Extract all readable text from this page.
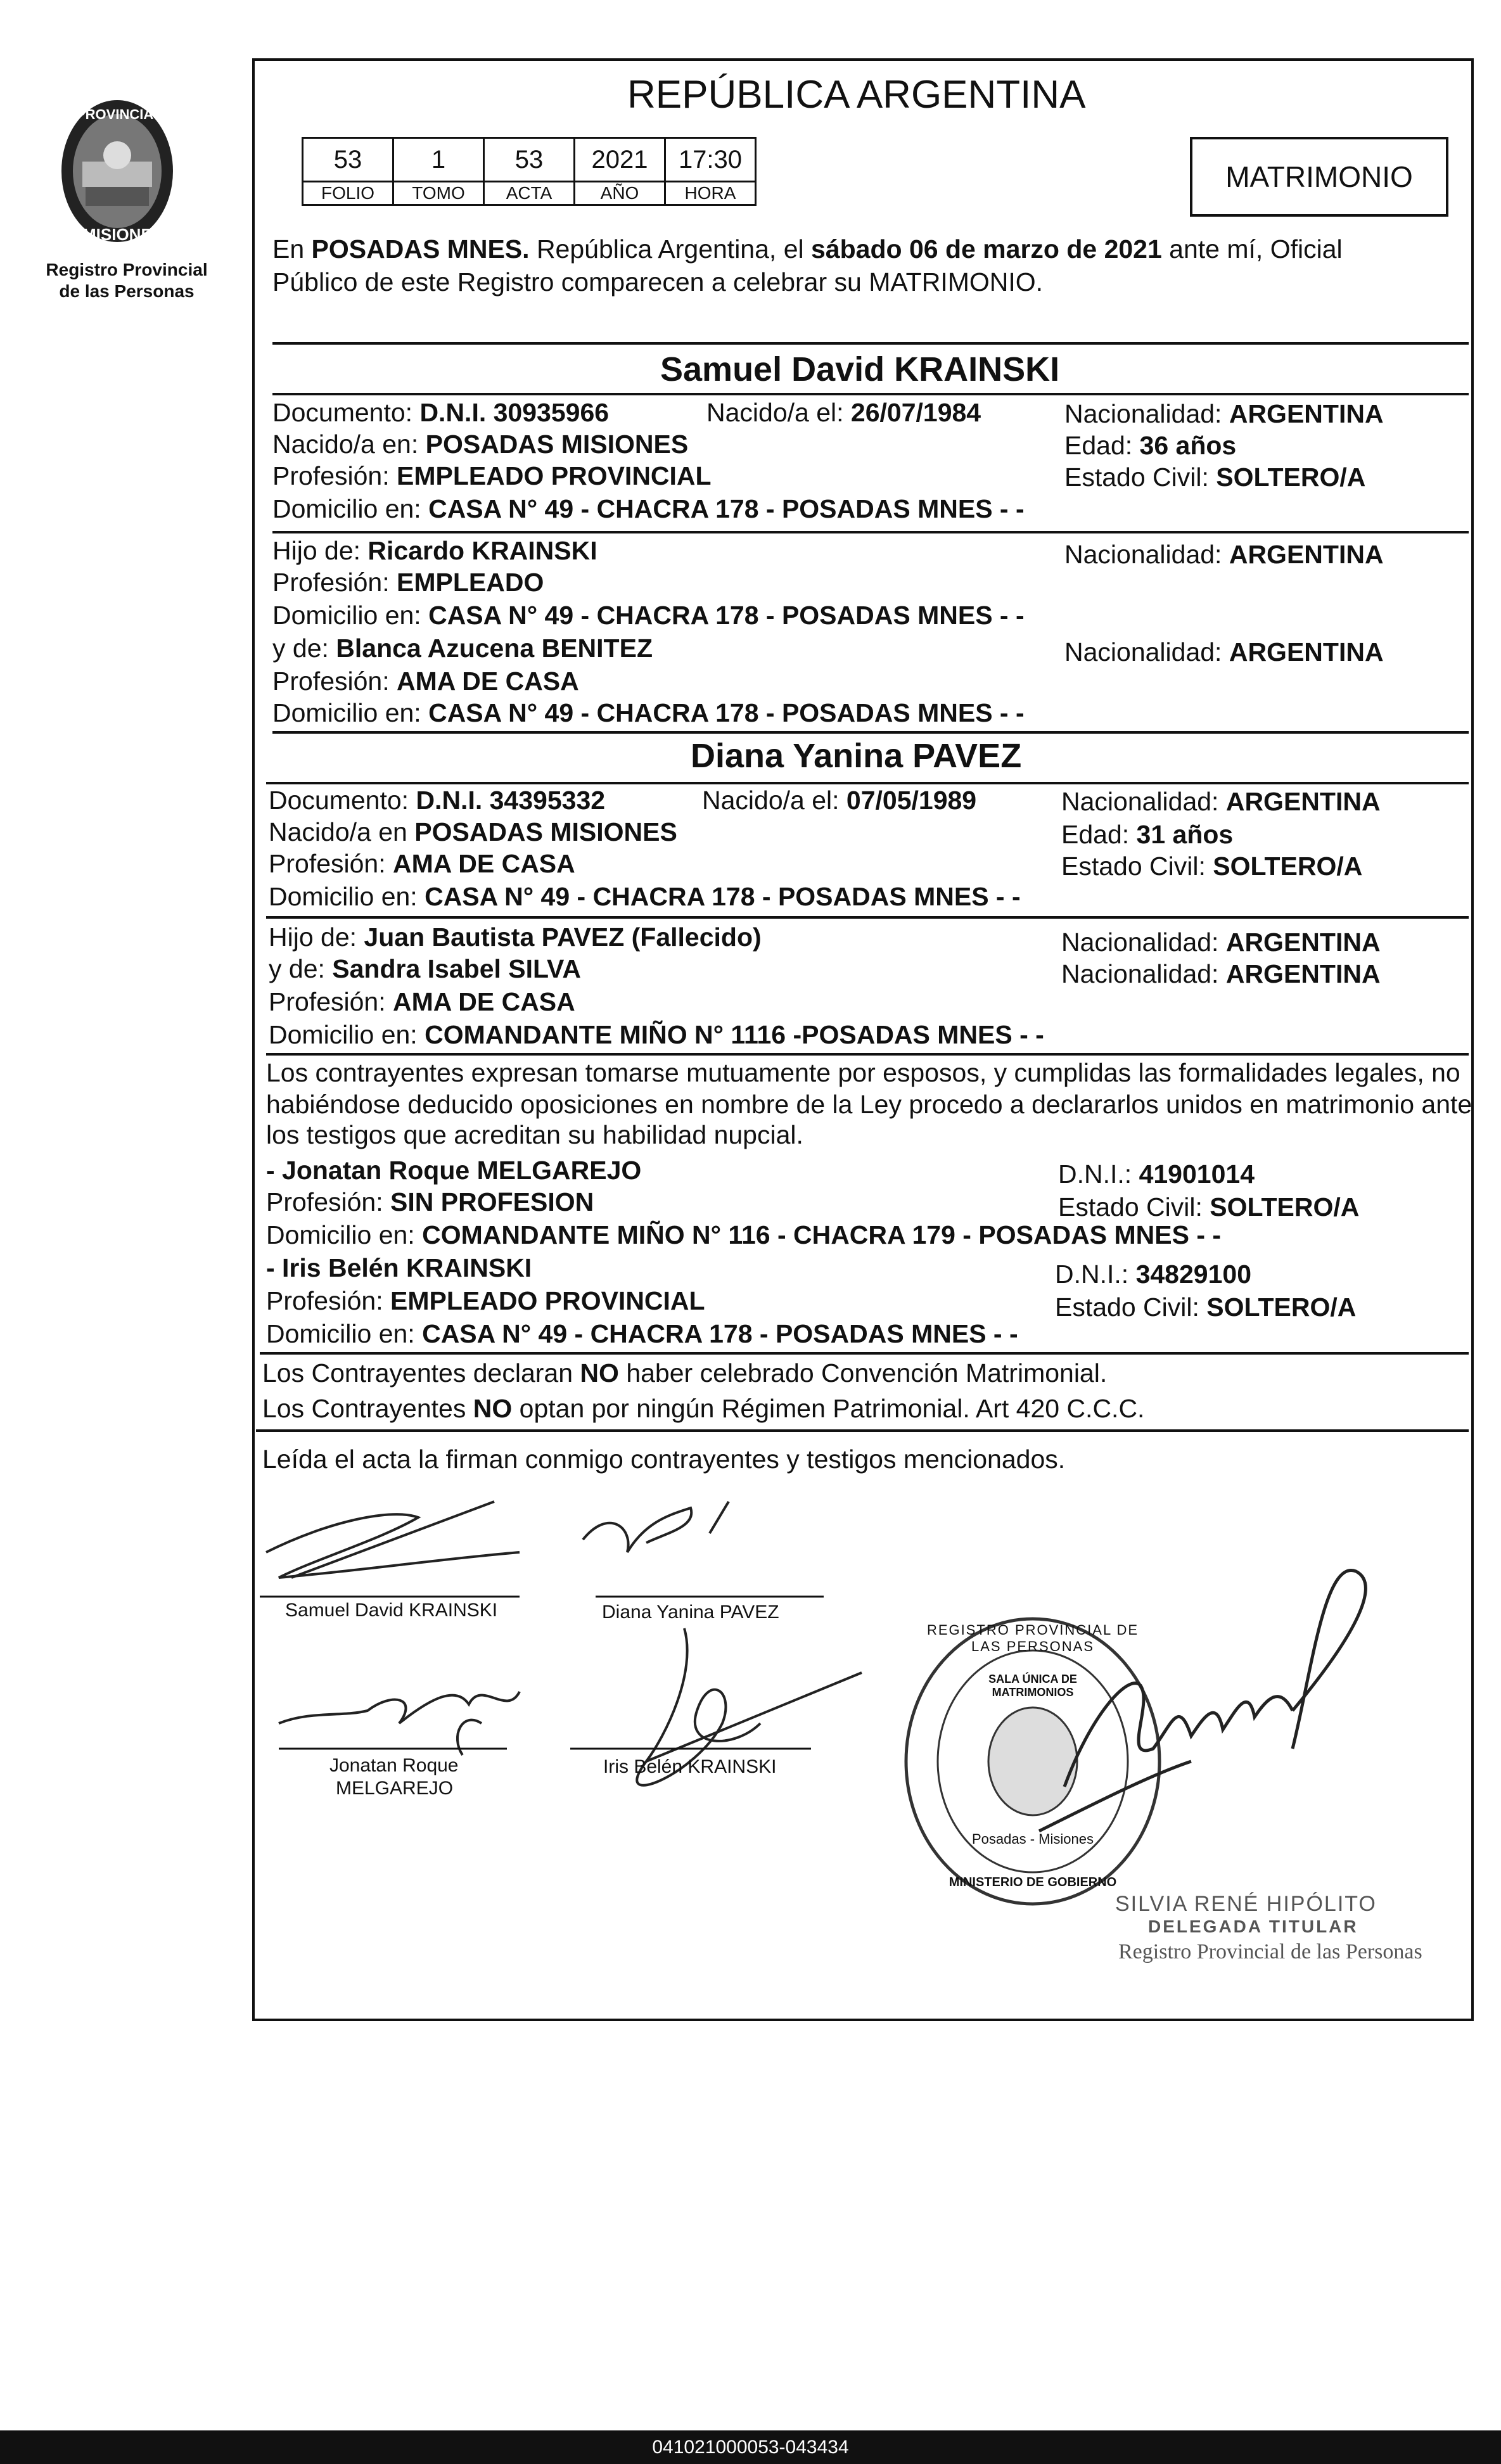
PROVINCIA DE
MISIONES
Registro Provincial
de las Personas
REPÚBLICA ARGENTINA
53	1	53	2021	17:30
FOLIO	TOMO	ACTA	AÑO	HORA	MATRIMONIO
En POSADAS MNES. República Argentina, el sábado 06 de marzo de 2021 ante mí, Oficial
Público de este Registro comparecen a celebrar su MATRIMONIO.
Samuel David KRAINSKI
Documento: D.N.I. 30935966	Nacido/a el: 26/07/1984	Nacionalidad: ARGENTINA
Nacido/a en: POSADAS MISIONES	Edad: 36 años
Profesión: EMPLEADO PROVINCIAL	Estado Civil: SOLTERO/A
Domicilio en: CASA N° 49 - CHACRA 178 - POSADAS MNES - -
Hijo de: Ricardo KRAINSKI	Nacionalidad: ARGENTINA
Profesión: EMPLEADO
Domicilio en: CASA N° 49 - CHACRA 178 - POSADAS MNES - -
y de: Blanca Azucena BENITEZ	Nacionalidad: ARGENTINA
Profesión: AMA DE CASA
Domicilio en: CASA N° 49 - CHACRA 178 - POSADAS MNES - -
Diana Yanina PAVEZ
Documento: D.N.I. 34395332	Nacido/a el: 07/05/1989	Nacionalidad: ARGENTINA
Nacido/a en POSADAS MISIONES	Edad: 31 años
Profesión: AMA DE CASA	Estado Civil: SOLTERO/A
Domicilio en: CASA N° 49 - CHACRA 178 - POSADAS MNES - -
Hijo de: Juan Bautista PAVEZ (Fallecido)	Nacionalidad: ARGENTINA
y de: Sandra Isabel SILVA	Nacionalidad: ARGENTINA
Profesión: AMA DE CASA
Domicilio en: COMANDANTE MIÑO N° 1116 -POSADAS MNES - -
Los contrayentes expresan tomarse mutuamente por esposos, y cumplidas las formalidades legales, no
habiéndose deducido oposiciones en nombre de la Ley procedo a declararlos unidos en matrimonio ante
los testigos que acreditan su habilidad nupcial.
- Jonatan Roque MELGAREJO	D.N.I.: 41901014
Profesión: SIN PROFESION	Estado Civil: SOLTERO/A
Domicilio en: COMANDANTE MIÑO N° 116 - CHACRA 179 - POSADAS MNES - -
- Iris Belén KRAINSKI	D.N.I.: 34829100
Profesión: EMPLEADO PROVINCIAL	Estado Civil: SOLTERO/A
Domicilio en: CASA N° 49 - CHACRA 178 - POSADAS MNES - -
Los Contrayentes declaran NO haber celebrado Convención Matrimonial.
Los Contrayentes NO optan por ningún Régimen Patrimonial. Art 420 C.C.C.
Leída el acta la firman conmigo contrayentes y testigos mencionados.
Samuel David KRAINSKI	Diana Yanina PAVEZ
Jonatan Roque
MELGAREJO
Iris Belén KRAINSKI
REGISTRO PROVINCIAL DE LAS PERSONAS
SALA ÚNICA DE MATRIMONIOS
Posadas - Misiones
MINISTERIO DE GOBIERNO
SILVIA RENÉ HIPÓLITO
DELEGADA TITULAR
Registro Provincial de las Personas
041021000053-043434
